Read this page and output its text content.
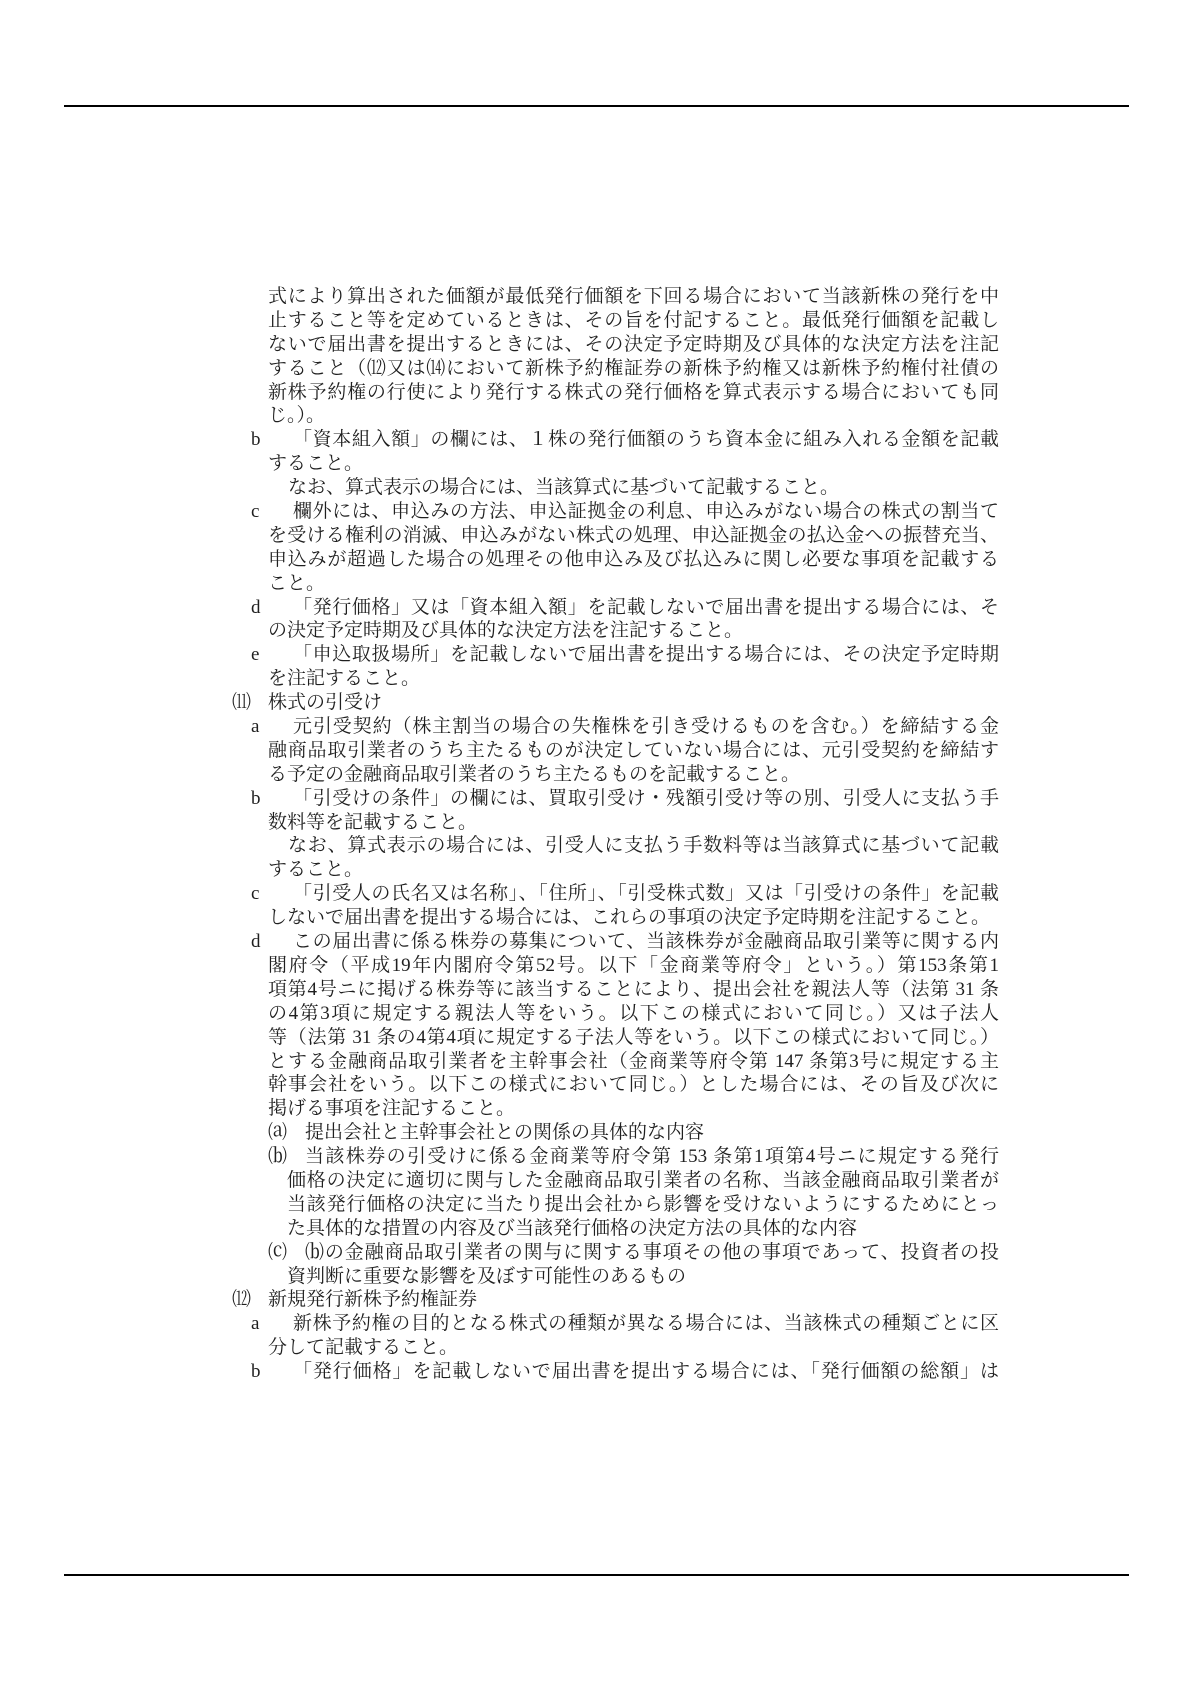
式により算出された価額が最低発行価額を下回る場合において当該新株の発行を中
止すること等を定めているときは、その旨を付記すること。最低発行価額を記載し
ないで届出書を提出するときには、その決定予定時期及び具体的な決定方法を注記
すること（⑿又は⒁において新株予約権証券の新株予約権又は新株予約権付社債の
新株予約権の行使により発行する株式の発行価格を算式表示する場合においても同
じ。）。
b	「資本組入額」の欄には、１株の発行価額のうち資本金に組み入れる金額を記載
すること。
なお、算式表示の場合には、当該算式に基づいて記載すること。
c	欄外には、申込みの方法、申込証拠金の利息、申込みがない場合の株式の割当て
を受ける権利の消滅、申込みがない株式の処理、申込証拠金の払込金への振替充当、
申込みが超過した場合の処理その他申込み及び払込みに関し必要な事項を記載する
こと。
d	「発行価格」又は「資本組入額」を記載しないで届出書を提出する場合には、そ
の決定予定時期及び具体的な決定方法を注記すること。
e	「申込取扱場所」を記載しないで届出書を提出する場合には、その決定予定時期
を注記すること。
⑾ 株式の引受け
a	元引受契約（株主割当の場合の失権株を引き受けるものを含む。）を締結する金
融商品取引業者のうち主たるものが決定していない場合には、元引受契約を締結す
る予定の金融商品取引業者のうち主たるものを記載すること。
b	「引受けの条件」の欄には、買取引受け・残額引受け等の別、引受人に支払う手
数料等を記載すること。
なお、算式表示の場合には、引受人に支払う手数料等は当該算式に基づいて記載
すること。
c	「引受人の氏名又は名称」、「住所」、「引受株式数」又は「引受けの条件」を記載
しないで届出書を提出する場合には、これらの事項の決定予定時期を注記すること。
d	この届出書に係る株券の募集について、当該株券が金融商品取引業等に関する内
閣府令（平成19年内閣府令第52号。以下「金商業等府令」という。）第153条第1
項第4号ニに掲げる株券等に該当することにより、提出会社を親法人等（法第 31 条
の4第3項に規定する親法人等をいう。以下この様式において同じ。）又は子法人
等（法第 31 条の4第4項に規定する子法人等をいう。以下この様式において同じ。）
とする金融商品取引業者を主幹事会社（金商業等府令第 147 条第3号に規定する主
幹事会社をいう。以下この様式において同じ。）とした場合には、その旨及び次に
掲げる事項を注記すること。
⒜ 提出会社と主幹事会社との関係の具体的な内容
⒝ 当該株券の引受けに係る金商業等府令第 153 条第1項第4号ニに規定する発行
価格の決定に適切に関与した金融商品取引業者の名称、当該金融商品取引業者が
当該発行価格の決定に当たり提出会社から影響を受けないようにするためにとっ
た具体的な措置の内容及び当該発行価格の決定方法の具体的な内容
⒞ ⒝の金融商品取引業者の関与に関する事項その他の事項であって、投資者の投
資判断に重要な影響を及ぼす可能性のあるもの
⑿ 新規発行新株予約権証券
a	新株予約権の目的となる株式の種類が異なる場合には、当該株式の種類ごとに区
分して記載すること。
b	「発行価格」を記載しないで届出書を提出する場合には、「発行価額の総額」は
